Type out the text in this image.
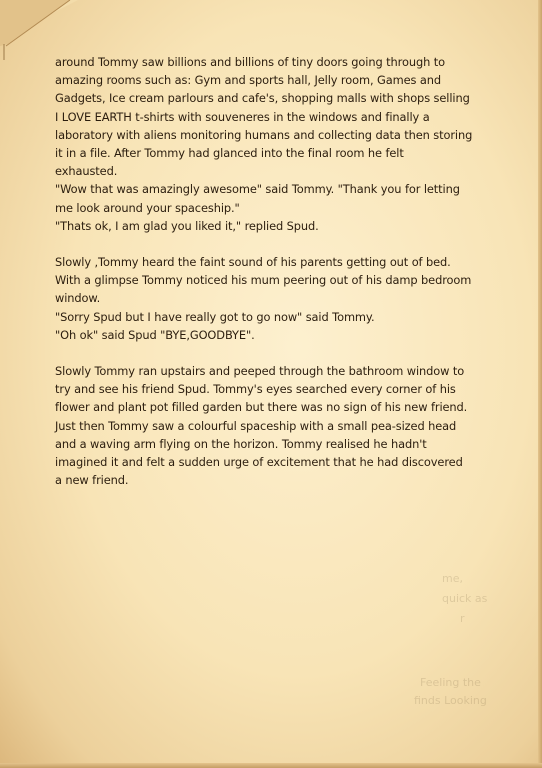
around Tommy saw billions and billions of tiny doors going through to
amazing rooms such as: Gym and sports hall, Jelly room, Games and
Gadgets, Ice cream parlours and cafe's, shopping malls with shops selling
I LOVE EARTH t-shirts with souveneres in the windows and finally a
laboratory with aliens monitoring humans and collecting data then storing
it in a file. After Tommy had glanced into the final room he felt
exhausted.
"Wow that was amazingly awesome" said Tommy. "Thank you for letting
me look around your spaceship."
"Thats ok, I am glad you liked it," replied Spud.
Slowly ,Tommy heard the faint sound of his parents getting out of bed.
With a glimpse Tommy noticed his mum peering out of his damp bedroom
window.
"Sorry Spud but I have really got to go now" said Tommy.
"Oh ok" said Spud "BYE,GOODBYE".
Slowly Tommy ran upstairs and peeped through the bathroom window to
try and see his friend Spud. Tommy's eyes searched every corner of his
flower and plant pot filled garden but there was no sign of his new friend.
Just then Tommy saw a colourful spaceship with a small pea-sized head
and a waving arm flying on the horizon. Tommy realised he hadn't
imagined it and felt a sudden urge of excitement that he had discovered
a new friend.
me,
quick as
r
Feeling the
finds Looking
